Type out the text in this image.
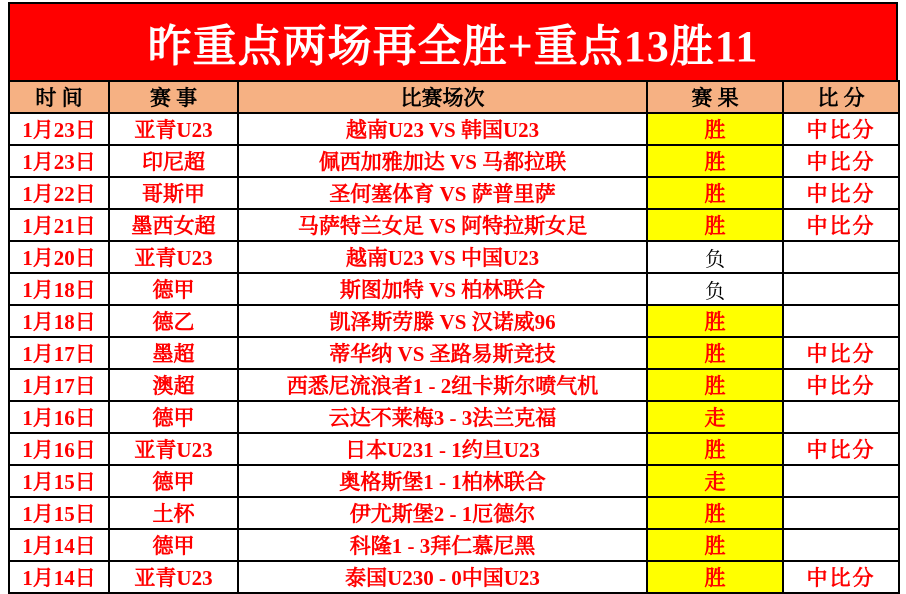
昨重点两场再全胜+重点13胜11
时 间	赛 事	比赛场次	赛 果	比 分
1月23日	亚青U23	越南U23 VS 韩国U23	胜	中比分
1月23日	印尼超	佩西加雅加达 VS 马都拉联	胜	中比分
1月22日	哥斯甲	圣何塞体育 VS 萨普里萨	胜	中比分
1月21日	墨西女超	马萨特兰女足 VS 阿特拉斯女足	胜	中比分
1月20日	亚青U23	越南U23 VS 中国U23	负	
1月18日	德甲	斯图加特 VS 柏林联合	负	
1月18日	德乙	凯泽斯劳滕 VS 汉诺威96	胜	
1月17日	墨超	蒂华纳 VS 圣路易斯竞技	胜	中比分
1月17日	澳超	西悉尼流浪者1 - 2纽卡斯尔喷气机	胜	中比分
1月16日	德甲	云达不莱梅3 - 3法兰克福	走	
1月16日	亚青U23	日本U231 - 1约旦U23	胜	中比分
1月15日	德甲	奥格斯堡1 - 1柏林联合	走	
1月15日	土杯	伊尤斯堡2 - 1厄德尔	胜	
1月14日	德甲	科隆1 - 3拜仁慕尼黑	胜	
1月14日	亚青U23	泰国U230 - 0中国U23	胜	中比分
